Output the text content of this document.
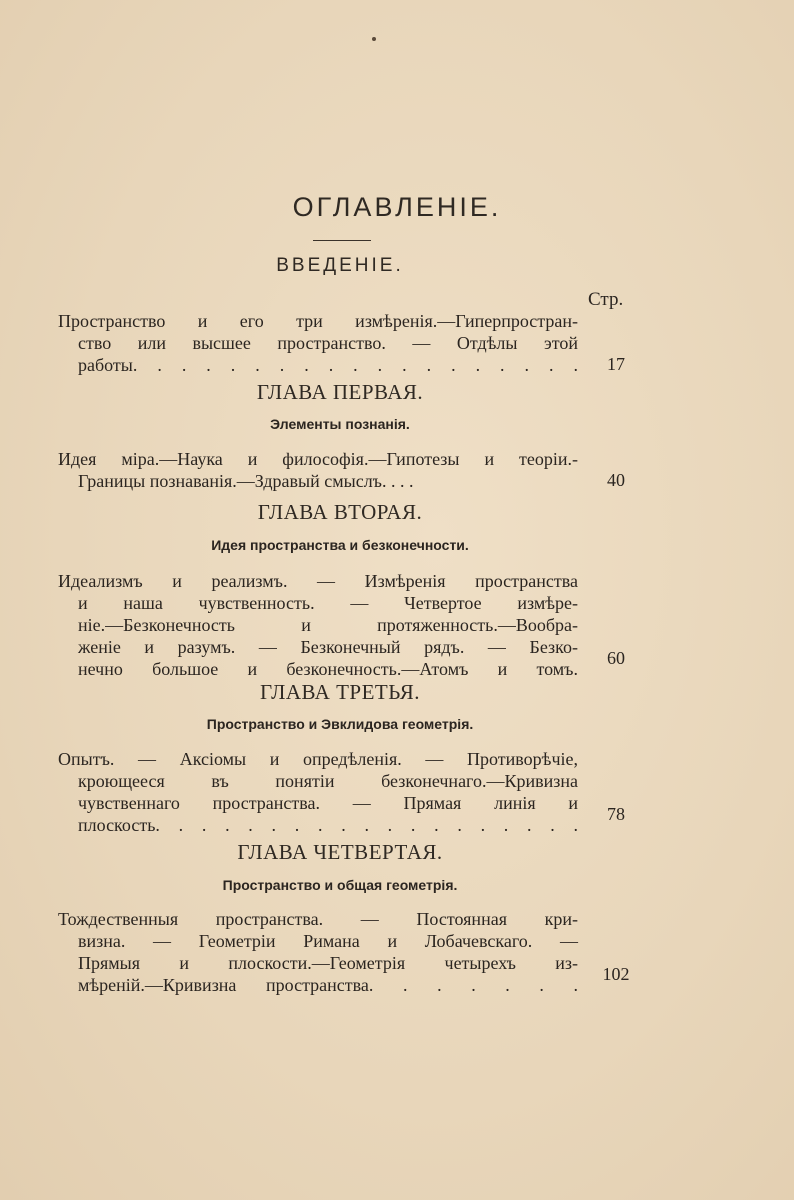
ОГЛАВЛЕНІЕ.
ВВЕДЕНІЕ.
Стр.
Пространство и его три измѣренія.—Гиперпростран-
ство или высшее пространство. — Отдѣлы этой
работы. . . . . . . . . . . . . . . . . . .	17
ГЛАВА ПЕРВАЯ.
Элементы познанія.
Идея міра.—Наука и философія.—Гипотезы и теоріи.-
Границы познаванія.—Здравый смыслъ. . . .	40
ГЛАВА ВТОРАЯ.
Идея пространства и безконечности.
Идеализмъ и реализмъ. — Измѣренія пространства
и наша чувственность. — Четвертое измѣре-
ніе.—Безконечность и протяженность.—Вообра-
женіе и разумъ. — Безконечный рядъ. — Безко-
нечно большое и безконечность.—Атомъ и томъ.
60
ГЛАВА ТРЕТЬЯ.
Пространство и Эвклидова геометрія.
Опытъ. — Аксіомы и опредѣленія. — Противорѣчіе,
кроющееся въ понятіи безконечнаго.—Кривизна
чувственнаго пространства. — Прямая линія и
плоскость. . . . . . . . . . . . . . . . . . .
78
ГЛАВА ЧЕТВЕРТАЯ.
Пространство и общая геометрія.
Тождественныя пространства. — Постоянная кри-
визна. — Геометріи Римана и Лобачевскаго. —
Прямыя и плоскости.—Геометрія четырехъ из-
мѣреній.—Кривизна пространства. . . . . . .
102
